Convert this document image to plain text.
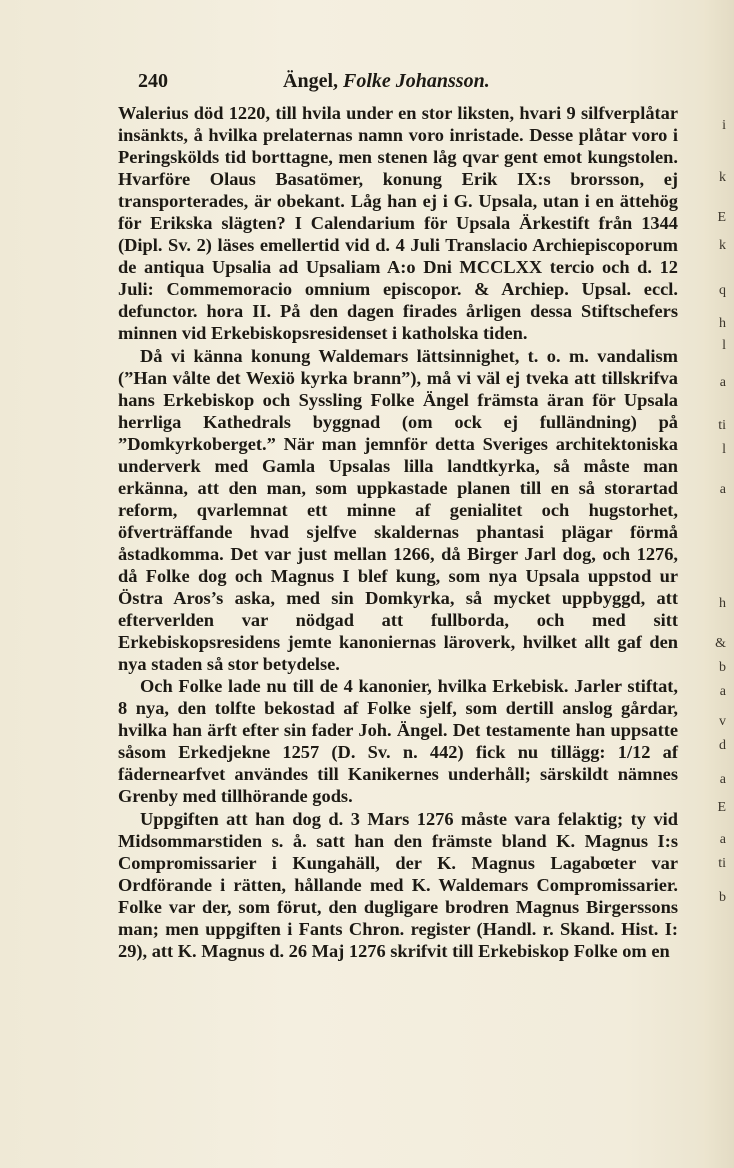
240	Ängel, Folke Johansson.

Walerius död 1220, till hvila under en stor liksten, hvari 9 silfverplåtar insänkts, å hvilka prelaternas namn voro inristade. Desse plåtar voro i Peringskölds tid borttagne, men stenen låg qvar gent emot kungstolen. Hvarföre Olaus Basatömer, konung Erik IX:s brorsson, ej transporterades, är obekant. Låg han ej i G. Upsala, utan i en ättehög för Erikska slägten? I Calendarium för Upsala Ärkestift från 1344 (Dipl. Sv. 2) läses emellertid vid d. 4 Juli Translacio Archiepiscoporum de antiqua Upsalia ad Upsaliam A:o Dni MCCLXX tercio och d. 12 Juli: Commemoracio omnium episcopor. & Archiep. Upsal. eccl. defunctor. hora II. På den dagen firades årligen dessa Stiftschefers minnen vid Erkebiskopsresidenset i katholska tiden.

Då vi känna konung Waldemars lättsinnighet, t. o. m. vandalism (”Han vålte det Wexiö kyrka brann”), må vi väl ej tveka att tillskrifva hans Erkebiskop och Syssling Folke Ängel främsta äran för Upsala herrliga Kathedrals byggnad (om ock ej fulländning) på ”Domkyrkoberget.” När man jemnför detta Sveriges architektoniska underverk med Gamla Upsalas lilla landtkyrka, så måste man erkänna, att den man, som uppkastade planen till en så storartad reform, qvarlemnat ett minne af genialitet och hugstorhet, öfverträffande hvad sjelfve skaldernas phantasi plägar förmå åstadkomma. Det var just mellan 1266, då Birger Jarl dog, och 1276, då Folke dog och Magnus I blef kung, som nya Upsala uppstod ur Östra Aros’s aska, med sin Domkyrka, så mycket uppbyggd, att efterverlden var nödgad att fullborda, och med sitt Erkebiskopsresidens jemte kanoniernas läroverk, hvilket allt gaf den nya staden så stor betydelse.

Och Folke lade nu till de 4 kanonier, hvilka Erkebisk. Jarler stiftat, 8 nya, den tolfte bekostad af Folke sjelf, som dertill anslog gårdar, hvilka han ärft efter sin fader Joh. Ängel. Det testamente han uppsatte såsom Erkedjekne 1257 (D. Sv. n. 442) fick nu tillägg: 1/12 af fädernearfvet användes till Kanikernes underhåll; särskildt nämnes Grenby med tillhörande gods.

Uppgiften att han dog d. 3 Mars 1276 måste vara felaktig; ty vid Midsommarstiden s. å. satt han den främste bland K. Magnus I:s Compromissarier i Kungahäll, der K. Magnus Lagabœter var Ordförande i rätten, hållande med K. Waldemars Compromissarier. Folke var der, som förut, den dugligare brodren Magnus Birgerssons man; men uppgiften i Fants Chron. register (Handl. r. Skand. Hist. I: 29), att K. Magnus d. 26 Maj 1276 skrifvit till Erkebiskop Folke om en

i
k
E
k
q
h
l
a
ti
l
a
h
&
b
a
v
d
a
E
a
ti
b
